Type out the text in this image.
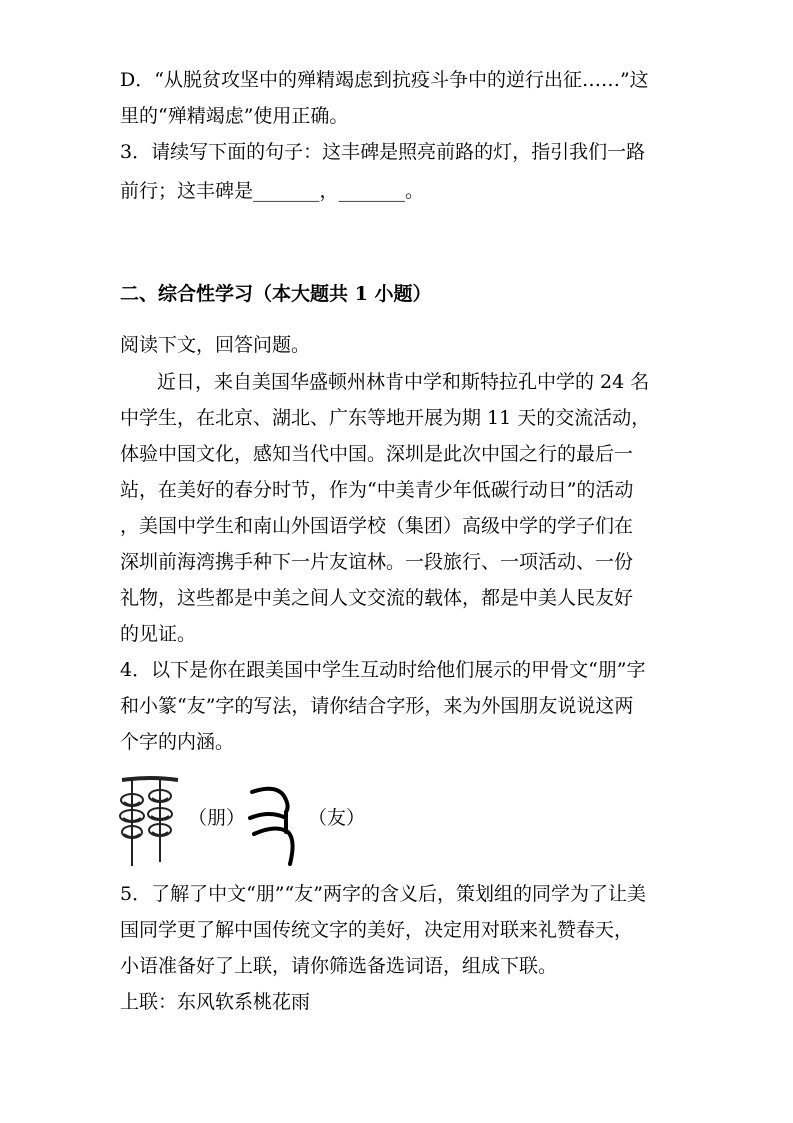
D．“从脱贫攻坚中的殚精竭虑到抗疫斗争中的逆行出征……”这
里的“殚精竭虑”使用正确。
3．请续写下面的句子：这丰碑是照亮前路的灯，指引我们一路
前行；这丰碑是_______，_______。
二、综合性学习（本大题共 1 小题）
阅读下文，回答问题。
近日，来自美国华盛顿州林肯中学和斯特拉孔中学的 24 名
中学生，在北京、湖北、广东等地开展为期 11 天的交流活动，
体验中国文化，感知当代中国。深圳是此次中国之行的最后一
站，在美好的春分时节，作为“中美青少年低碳行动日”的活动
，美国中学生和南山外国语学校（集团）高级中学的学子们在
深圳前海湾携手种下一片友谊林。一段旅行、一项活动、一份
礼物，这些都是中美之间人文交流的载体，都是中美人民友好
的见证。
4．以下是你在跟美国中学生互动时给他们展示的甲骨文“朋”字
和小篆“友”字的写法，请你结合字形，来为外国朋友说说这两
个字的内涵。
（朋）	（友）
5．了解了中文“朋”“友”两字的含义后，策划组的同学为了让美
国同学更了解中国传统文字的美好，决定用对联来礼赞春天，
小语准备好了上联，请你筛选备选词语，组成下联。
上联：东风软系桃花雨
